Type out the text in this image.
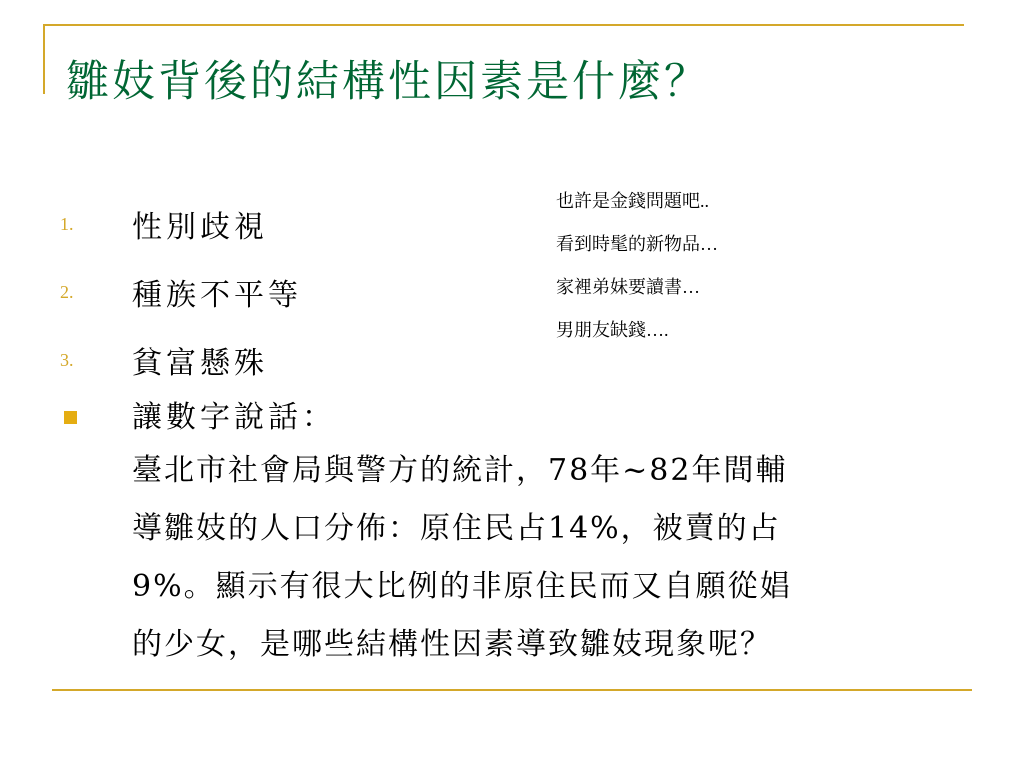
雛妓背後的結構性因素是什麼？
也許是金錢問題吧..
看到時髦的新物品…
家裡弟妹要讀書…
男朋友缺錢….
1.	性別歧視
2.	種族不平等
3.	貧富懸殊

讓數字說話：

臺北市社會局與警方的統計，78年~82年間輔
導雛妓的人口分佈：原住民占14%，被賣的占
9%。顯示有很大比例的非原住民而又自願從娼
的少女，是哪些結構性因素導致雛妓現象呢？
